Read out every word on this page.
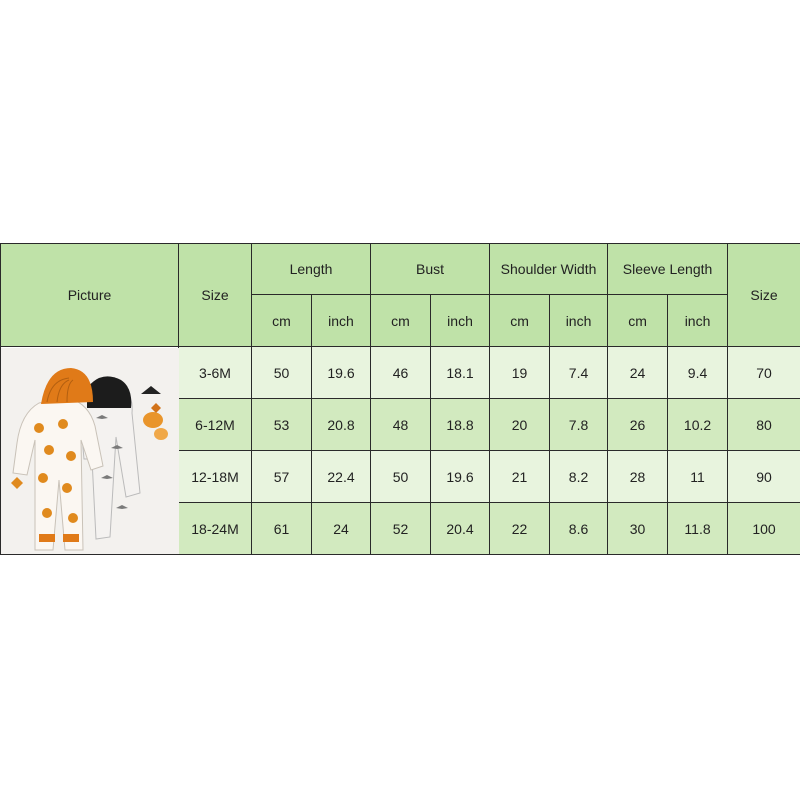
Picture	Size	Length		Bust		Shoulder Width		Sleeve Length		Size
		cm	inch	cm	inch	cm	inch	cm	inch	

	3-6M	50	19.6	46	18.1	19	7.4	24	9.4	70
	6-12M	53	20.8	48	18.8	20	7.8	26	10.2	80
	12-18M	57	22.4	50	19.6	21	8.2	28	11	90
	18-24M	61	24	52	20.4	22	8.6	30	11.8	100
